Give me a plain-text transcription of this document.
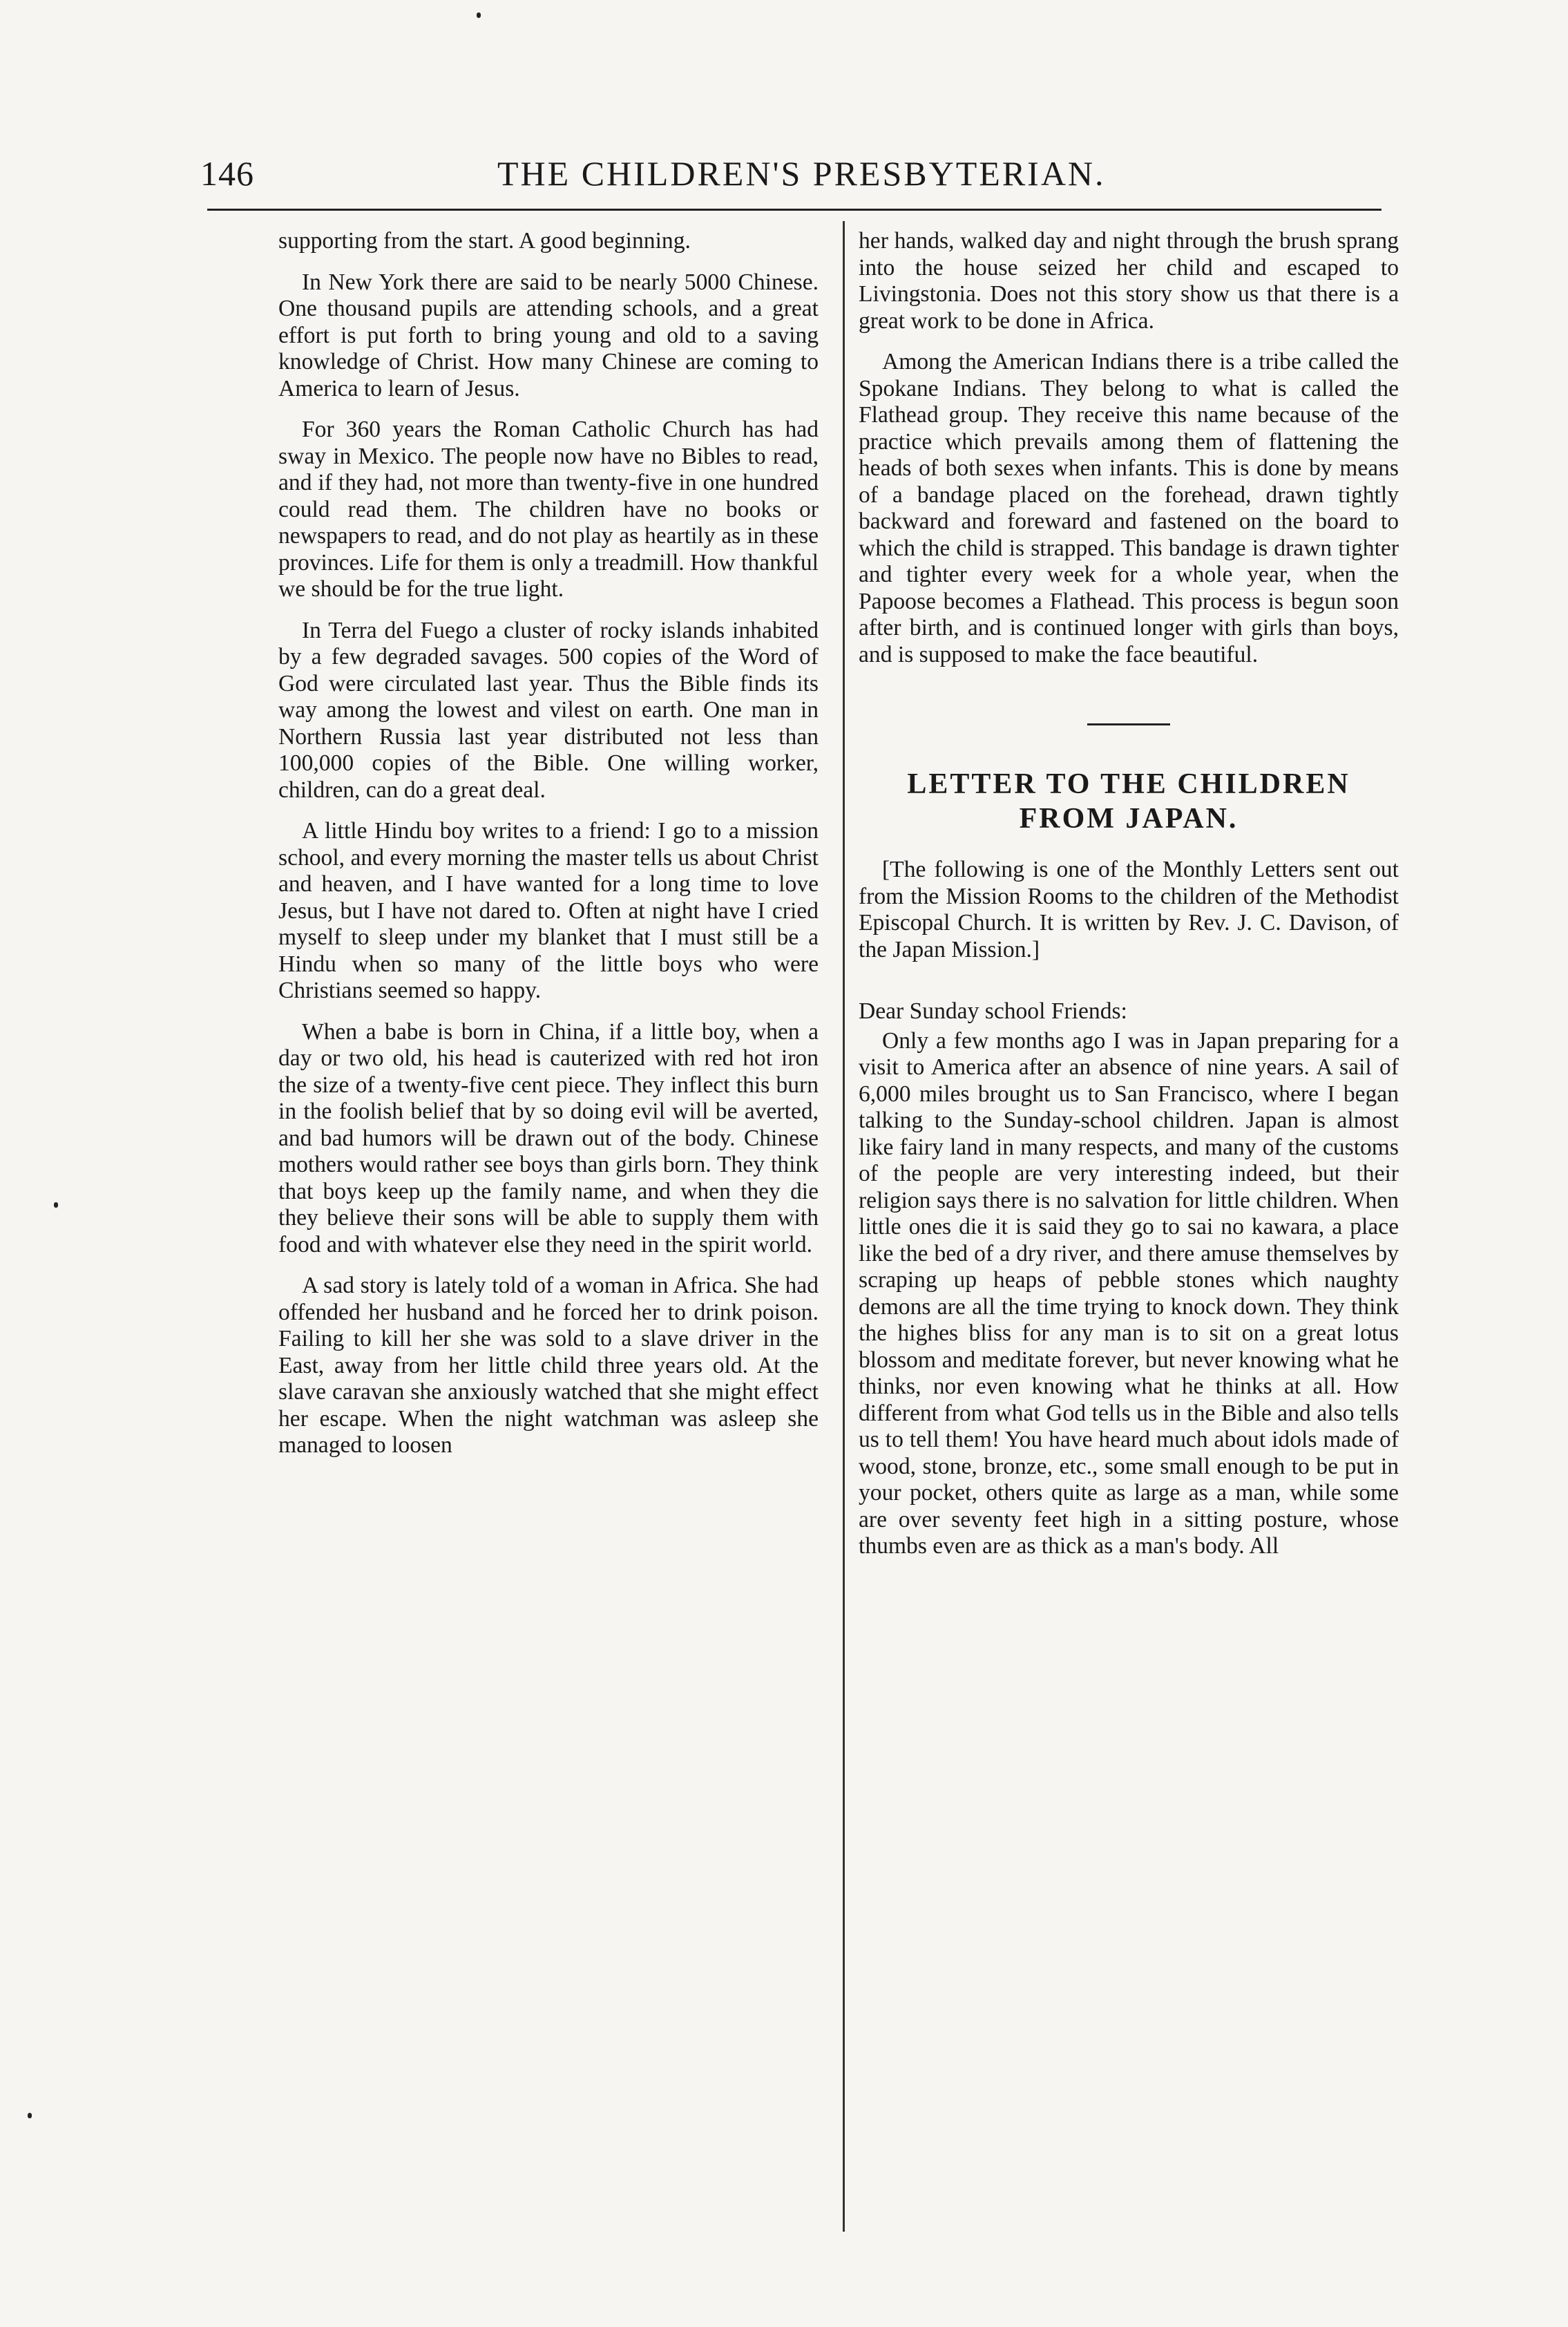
146	THE CHILDREN'S PRESBYTERIAN.

supporting from the start. A good beginning.

In New York there are said to be nearly 5000 Chinese. One thousand pupils are attending schools, and a great effort is put forth to bring young and old to a saving knowledge of Christ. How many Chinese are coming to America to learn of Jesus.

For 360 years the Roman Catholic Church has had sway in Mexico. The people now have no Bibles to read, and if they had, not more than twenty-five in one hundred could read them. The children have no books or newspapers to read, and do not play as heartily as in these provinces. Life for them is only a treadmill. How thankful we should be for the true light.

In Terra del Fuego a cluster of rocky islands inhabited by a few degraded savages. 500 copies of the Word of God were circulated last year. Thus the Bible finds its way among the lowest and vilest on earth. One man in Northern Russia last year distributed not less than 100,000 copies of the Bible. One willing worker, children, can do a great deal.

A little Hindu boy writes to a friend: I go to a mission school, and every morning the master tells us about Christ and heaven, and I have wanted for a long time to love Jesus, but I have not dared to. Often at night have I cried myself to sleep under my blanket that I must still be a Hindu when so many of the little boys who were Christians seemed so happy.

When a babe is born in China, if a little boy, when a day or two old, his head is cauterized with red hot iron the size of a twenty-five cent piece. They inflect this burn in the foolish belief that by so doing evil will be averted, and bad humors will be drawn out of the body. Chinese mothers would rather see boys than girls born. They think that boys keep up the family name, and when they die they believe their sons will be able to supply them with food and with whatever else they need in the spirit world.

A sad story is lately told of a woman in Africa. She had offended her husband and he forced her to drink poison. Failing to kill her she was sold to a slave driver in the East, away from her little child three years old. At the slave caravan she anxiously watched that she might effect her escape. When the night watchman was asleep she managed to loosen

her hands, walked day and night through the brush sprang into the house seized her child and escaped to Livingstonia. Does not this story show us that there is a great work to be done in Africa.

Among the American Indians there is a tribe called the Spokane Indians. They belong to what is called the Flathead group. They receive this name because of the practice which prevails among them of flattening the heads of both sexes when infants. This is done by means of a bandage placed on the forehead, drawn tightly backward and foreward and fastened on the board to which the child is strapped. This bandage is drawn tighter and tighter every week for a whole year, when the Papoose becomes a Flathead. This process is begun soon after birth, and is continued longer with girls than boys, and is supposed to make the face beautiful.

LETTER TO THE CHILDREN
FROM JAPAN.

[The following is one of the Monthly Letters sent out from the Mission Rooms to the children of the Methodist Episcopal Church. It is written by Rev. J. C. Davison, of the Japan Mission.]

Dear Sunday school Friends:

Only a few months ago I was in Japan preparing for a visit to America after an absence of nine years. A sail of 6,000 miles brought us to San Francisco, where I began talking to the Sunday-school children. Japan is almost like fairy land in many respects, and many of the customs of the people are very interesting indeed, but their religion says there is no salvation for little children. When little ones die it is said they go to sai no kawara, a place like the bed of a dry river, and there amuse themselves by scraping up heaps of pebble stones which naughty demons are all the time trying to knock down. They think the highes bliss for any man is to sit on a great lotus blossom and meditate forever, but never knowing what he thinks, nor even knowing what he thinks at all. How different from what God tells us in the Bible and also tells us to tell them! You have heard much about idols made of wood, stone, bronze, etc., some small enough to be put in your pocket, others quite as large as a man, while some are over seventy feet high in a sitting posture, whose thumbs even are as thick as a man's body. All
